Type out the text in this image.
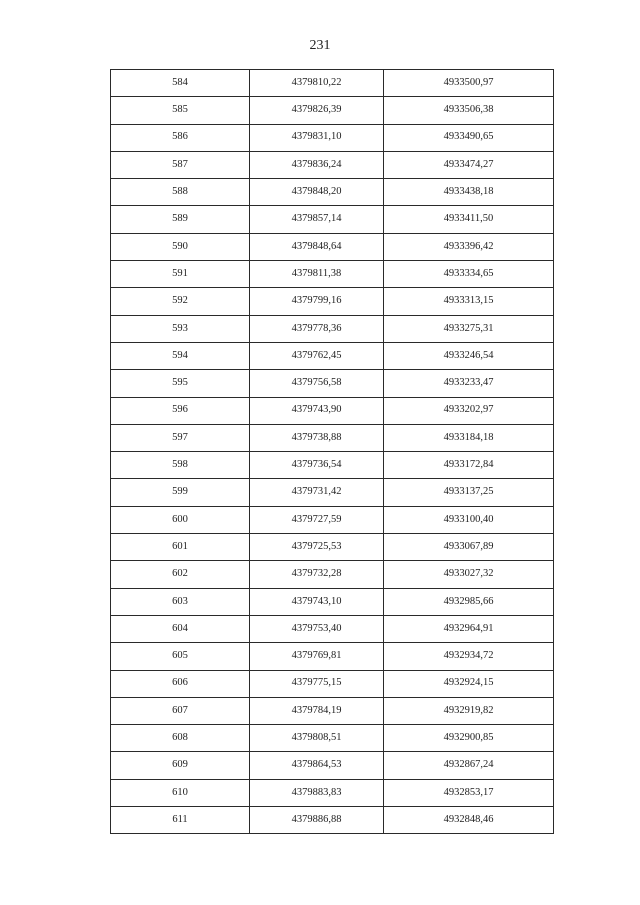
231
584	4379810,22	4933500,97
585	4379826,39	4933506,38
586	4379831,10	4933490,65
587	4379836,24	4933474,27
588	4379848,20	4933438,18
589	4379857,14	4933411,50
590	4379848,64	4933396,42
591	4379811,38	4933334,65
592	4379799,16	4933313,15
593	4379778,36	4933275,31
594	4379762,45	4933246,54
595	4379756,58	4933233,47
596	4379743,90	4933202,97
597	4379738,88	4933184,18
598	4379736,54	4933172,84
599	4379731,42	4933137,25
600	4379727,59	4933100,40
601	4379725,53	4933067,89
602	4379732,28	4933027,32
603	4379743,10	4932985,66
604	4379753,40	4932964,91
605	4379769,81	4932934,72
606	4379775,15	4932924,15
607	4379784,19	4932919,82
608	4379808,51	4932900,85
609	4379864,53	4932867,24
610	4379883,83	4932853,17
611	4379886,88	4932848,46
